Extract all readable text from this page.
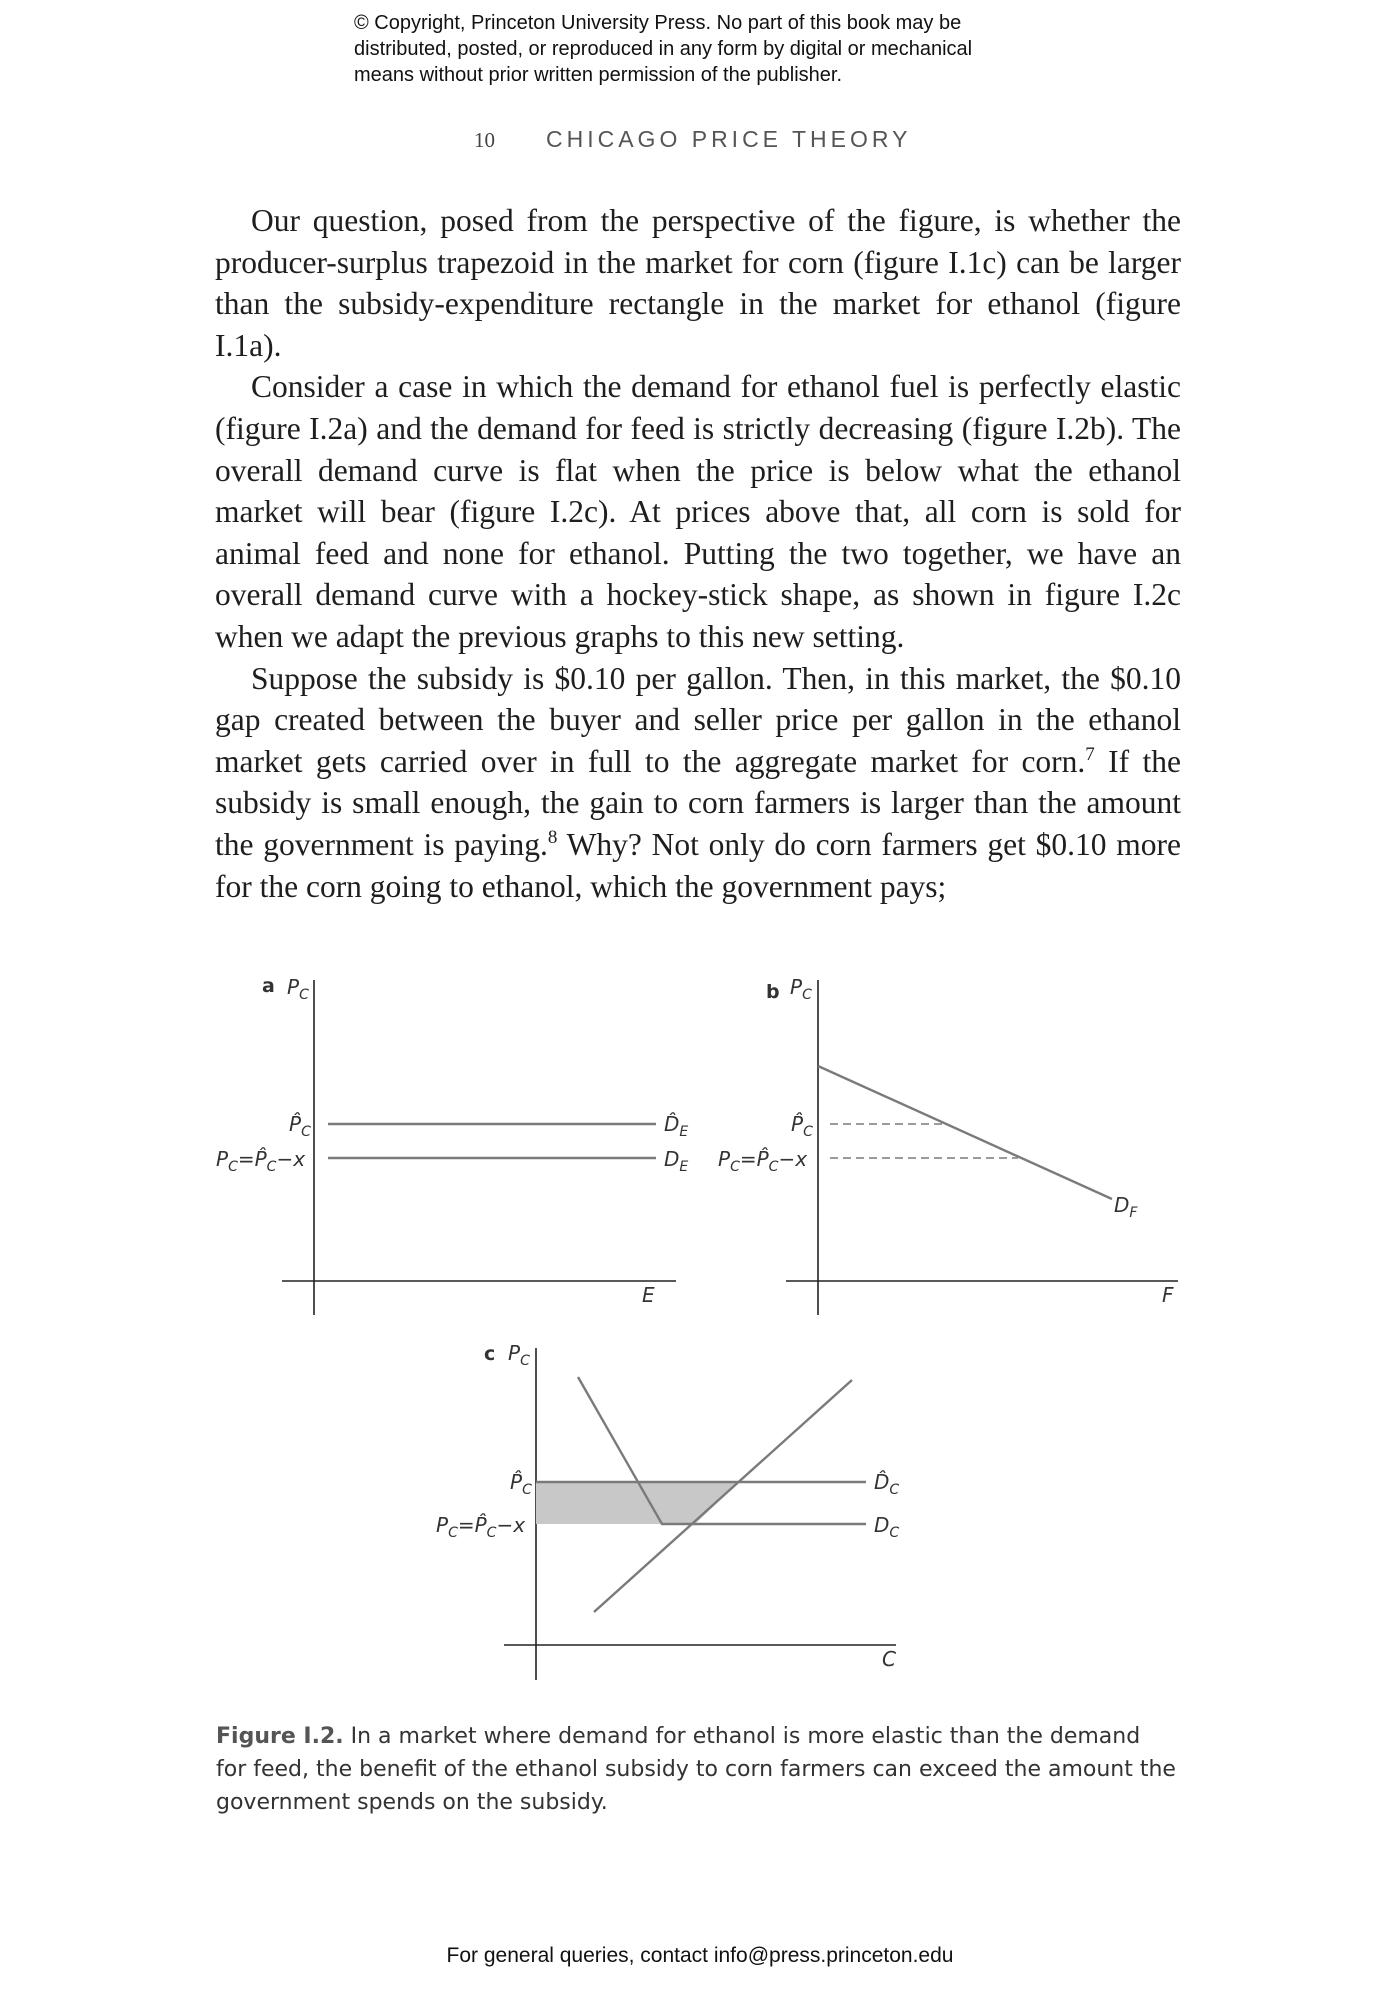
© Copyright, Princeton University Press. No part of this book may be
distributed, posted, or reproduced in any form by digital or mechanical
means without prior written permission of the publisher.
10 CHICAGO PRICE THEORY

Our question, posed from the perspective of the figure, is whether the producer-surplus trapezoid in the market for corn (figure I.1c) can be larger than the subsidy-expenditure rectangle in the market for ethanol (figure I.1a).

Consider a case in which the demand for ethanol fuel is perfectly elastic (figure I.2a) and the demand for feed is strictly decreasing (figure I.2b). The overall demand curve is flat when the price is below what the ethanol market will bear (figure I.2c). At prices above that, all corn is sold for animal feed and none for ethanol. Putting the two together, we have an overall demand curve with a hockey-stick shape, as shown in figure I.2c when we adapt the previous graphs to this new setting.

Suppose the subsidy is $0.10 per gallon. Then, in this market, the $0.10 gap created between the buyer and seller price per gallon in the ethanol market gets carried over in full to the aggregate market for corn.$^7$ If the subsidy is small enough, the gain to corn farmers is larger than the amount the government is paying.$^8$ Why? Not only do corn farmers get $0.10 more for the corn going to ethanol, which the government pays;

a $P_C$
$P̂_C$
$P_C=P̂_C-x$
$D̂_E$
$D_E$
E
b $P_C$
$P̂_C$
$P_C=P̂_C-x$
$D_F$
F
c $P_C$
$P̂_C$
$P_C=P̂_C-x$
$D̂_C$
$D_C$
C
Figure I.2. In a market where demand for ethanol is more elastic than the demand for feed, the benefit of the ethanol subsidy to corn farmers can exceed the amount the government spends on the subsidy.
For general queries, contact info@press.princeton.edu
